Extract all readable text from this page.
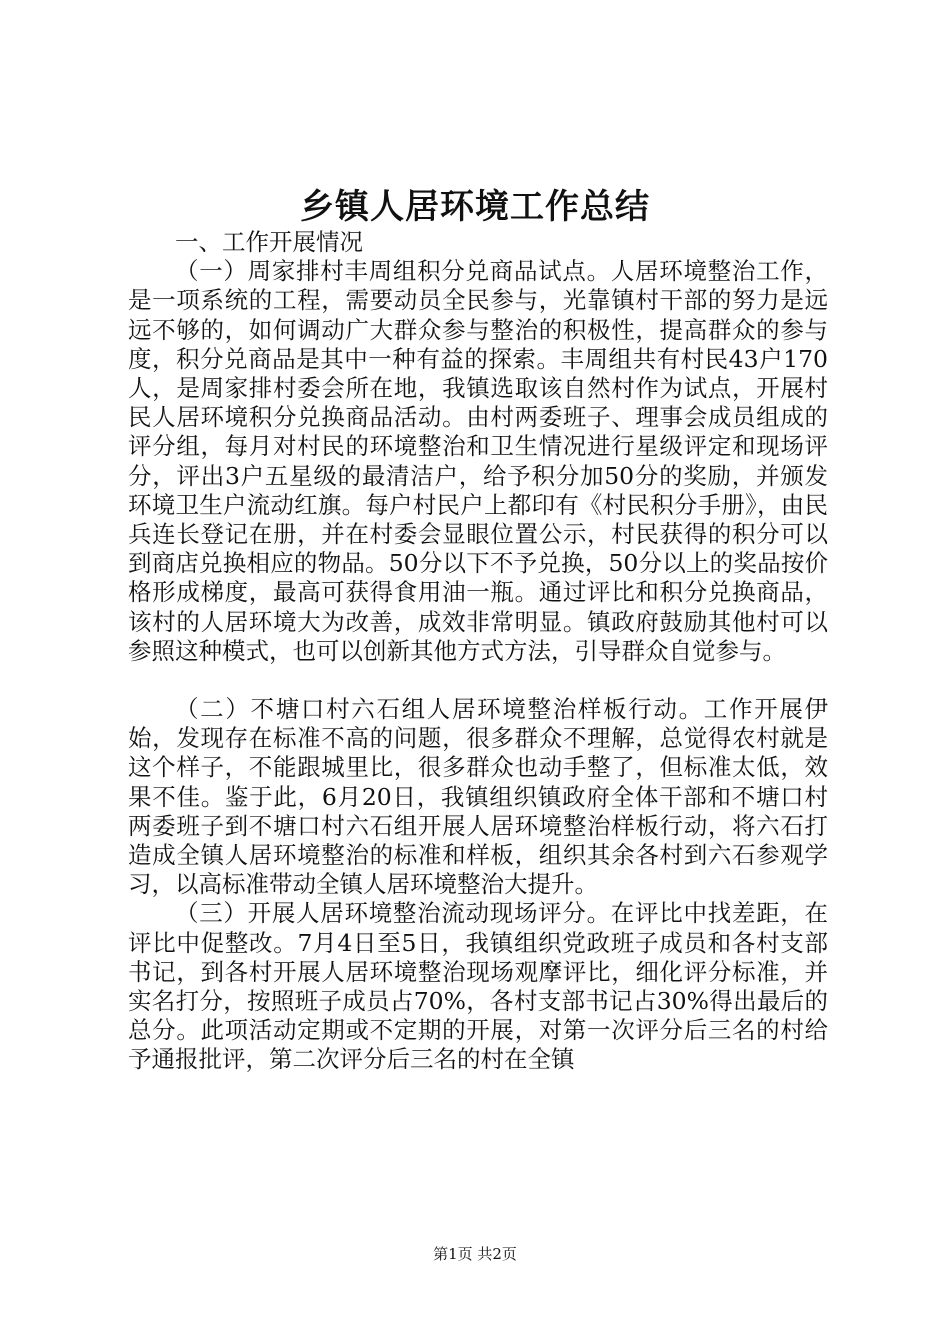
乡镇人居环境工作总结

一、工作开展情况

（一）周家排村丰周组积分兑商品试点。人居环境整治工作，是一项系统的工程，需要动员全民参与，光靠镇村干部的努力是远远不够的，如何调动广大群众参与整治的积极性，提高群众的参与度，积分兑商品是其中一种有益的探索。丰周组共有村民43户170人，是周家排村委会所在地，我镇选取该自然村作为试点，开展村民人居环境积分兑换商品活动。由村两委班子、理事会成员组成的评分组，每月对村民的环境整治和卫生情况进行星级评定和现场评分，评出3户五星级的最清洁户，给予积分加50分的奖励，并颁发环境卫生户流动红旗。每户村民户上都印有《村民积分手册》，由民兵连长登记在册，并在村委会显眼位置公示，村民获得的积分可以到商店兑换相应的物品。50分以下不予兑换，50分以上的奖品按价格形成梯度，最高可获得食用油一瓶。通过评比和积分兑换商品，该村的人居环境大为改善，成效非常明显。镇政府鼓励其他村可以参照这种模式，也可以创新其他方式方法，引导群众自觉参与。

（二）不塘口村六石组人居环境整治样板行动。工作开展伊始，发现存在标准不高的问题，很多群众不理解，总觉得农村就是这个样子，不能跟城里比，很多群众也动手整了，但标准太低，效果不佳。鉴于此，6月20日，我镇组织镇政府全体干部和不塘口村两委班子到不塘口村六石组开展人居环境整治样板行动，将六石打造成全镇人居环境整治的标准和样板，组织其余各村到六石参观学习，以高标准带动全镇人居环境整治大提升。

（三）开展人居环境整治流动现场评分。在评比中找差距，在评比中促整改。7月4日至5日，我镇组织党政班子成员和各村支部书记，到各村开展人居环境整治现场观摩评比，细化评分标准，并实名打分，按照班子成员占70%，各村支部书记占30%得出最后的总分。此项活动定期或不定期的开展，对第一次评分后三名的村给予通报批评，第二次评分后三名的村在全镇

第1页 共2页
